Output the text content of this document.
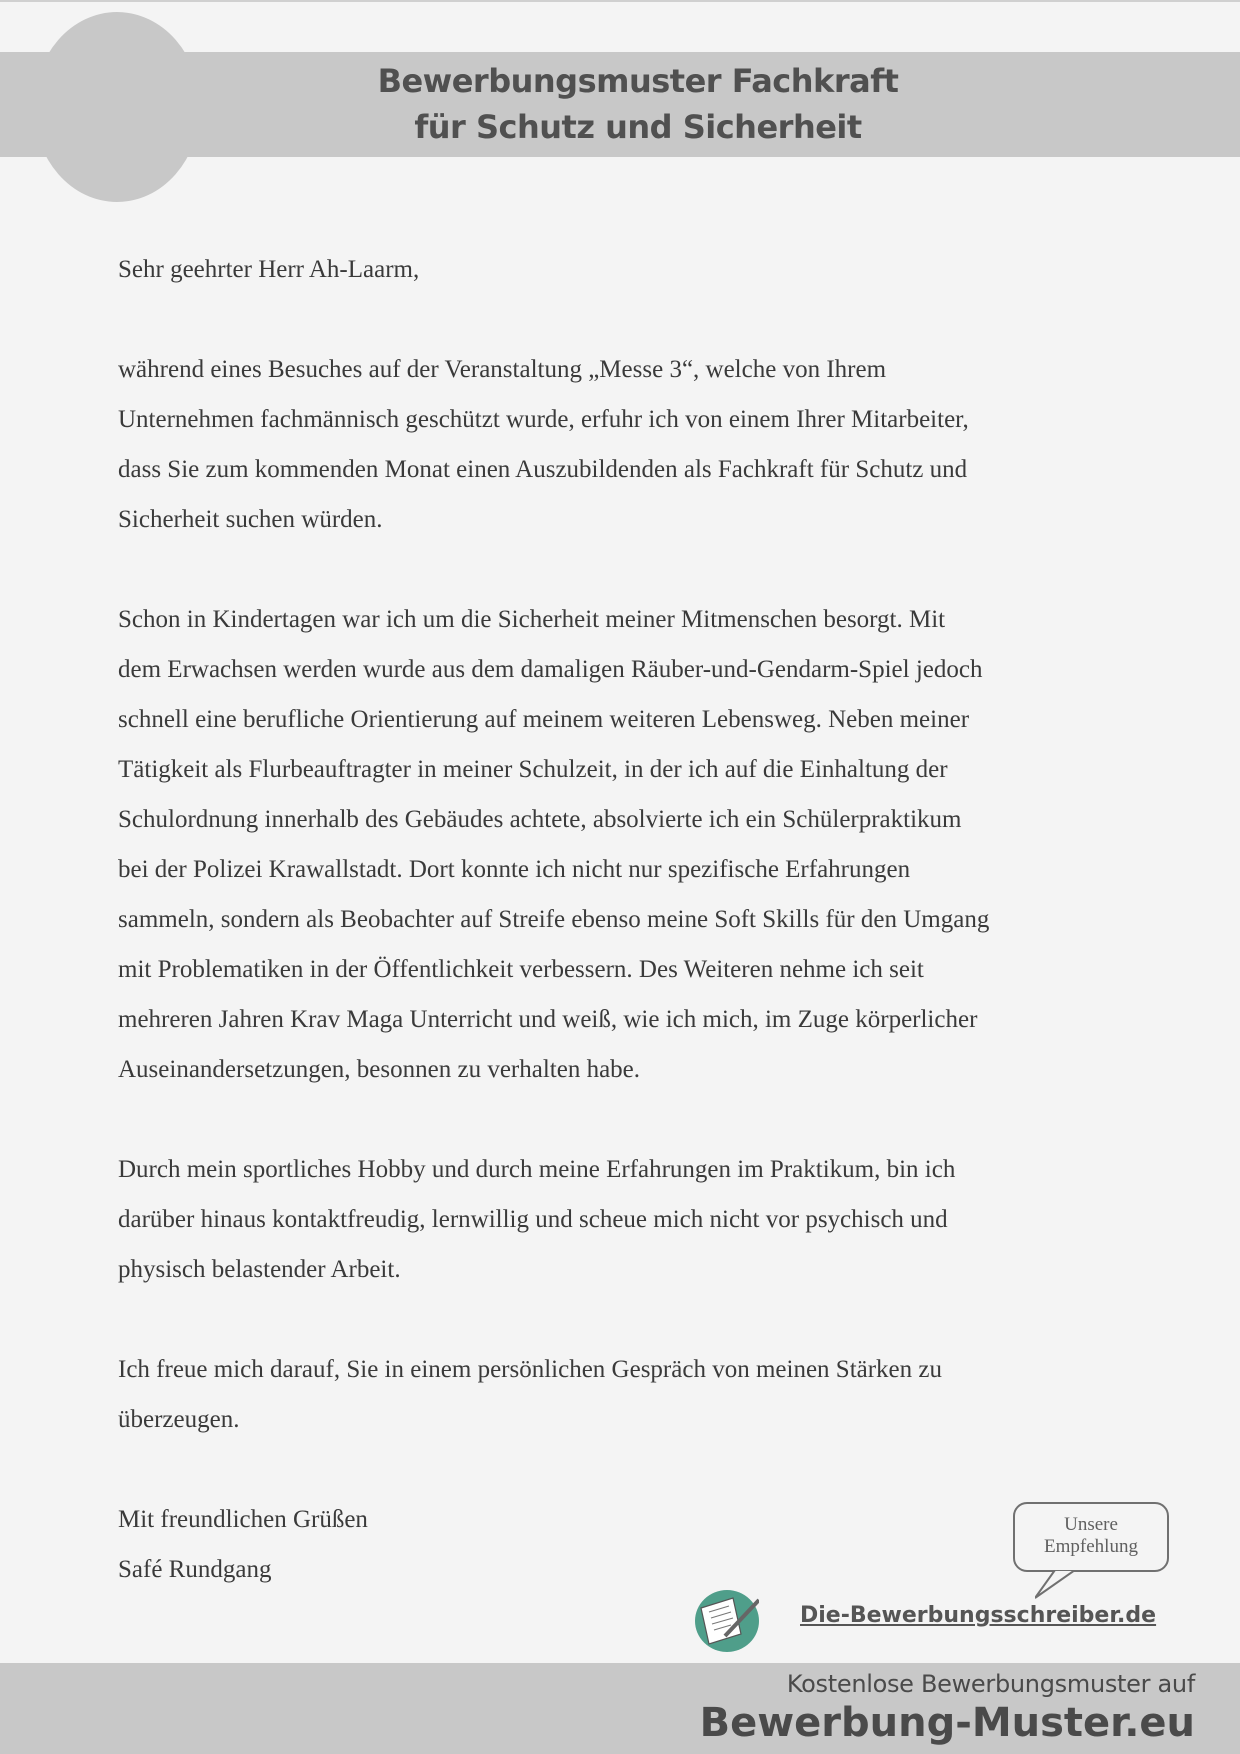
Bewerbungsmuster Fachkraft
für Schutz und Sicherheit
Sehr geehrter Herr Ah-Laarm,
während eines Besuches auf der Veranstaltung „Messe 3“, welche von Ihrem
Unternehmen fachmännisch geschützt wurde, erfuhr ich von einem Ihrer Mitarbeiter,
dass Sie zum kommenden Monat einen Auszubildenden als Fachkraft für Schutz und
Sicherheit suchen würden.
Schon in Kindertagen war ich um die Sicherheit meiner Mitmenschen besorgt. Mit
dem Erwachsen werden wurde aus dem damaligen Räuber-und-Gendarm-Spiel jedoch
schnell eine berufliche Orientierung auf meinem weiteren Lebensweg. Neben meiner
Tätigkeit als Flurbeauftragter in meiner Schulzeit, in der ich auf die Einhaltung der
Schulordnung innerhalb des Gebäudes achtete, absolvierte ich ein Schülerpraktikum
bei der Polizei Krawallstadt. Dort konnte ich nicht nur spezifische Erfahrungen
sammeln, sondern als Beobachter auf Streife ebenso meine Soft Skills für den Umgang
mit Problematiken in der Öffentlichkeit verbessern. Des Weiteren nehme ich seit
mehreren Jahren Krav Maga Unterricht und weiß, wie ich mich, im Zuge körperlicher
Auseinandersetzungen, besonnen zu verhalten habe.
Durch mein sportliches Hobby und durch meine Erfahrungen im Praktikum, bin ich
darüber hinaus kontaktfreudig, lernwillig und scheue mich nicht vor psychisch und
physisch belastender Arbeit.
Ich freue mich darauf, Sie in einem persönlichen Gespräch von meinen Stärken zu
überzeugen.
Mit freundlichen Grüßen
Safé Rundgang
Unsere
Empfehlung
Die-Bewerbungsschreiber.de
Kostenlose Bewerbungsmuster auf
Bewerbung-Muster.eu
